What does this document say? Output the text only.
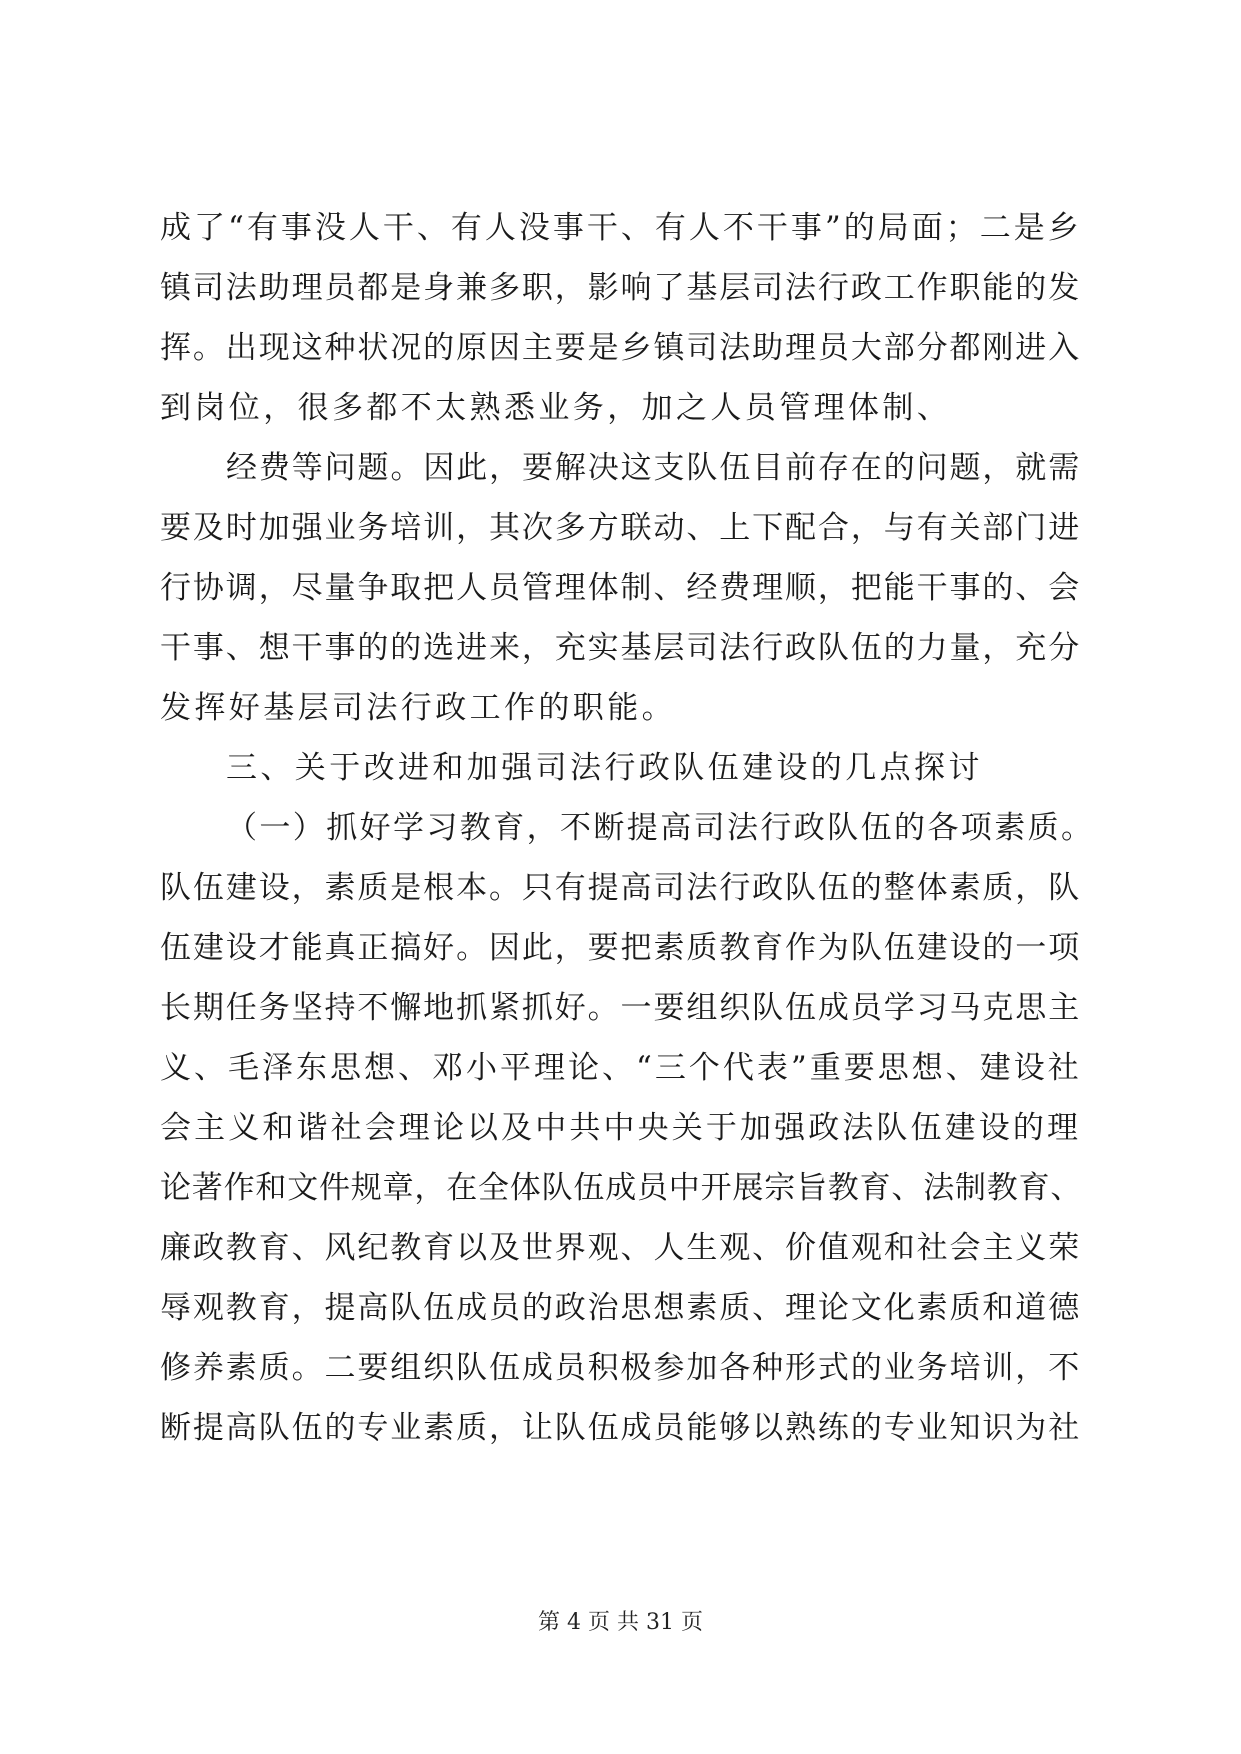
成了“有事没人干、有人没事干、有人不干事”的局面；二是乡
镇司法助理员都是身兼多职，影响了基层司法行政工作职能的发
挥。出现这种状况的原因主要是乡镇司法助理员大部分都刚进入
到岗位，很多都不太熟悉业务，加之人员管理体制、
经费等问题。因此，要解决这支队伍目前存在的问题，就需
要及时加强业务培训，其次多方联动、上下配合，与有关部门进
行协调，尽量争取把人员管理体制、经费理顺，把能干事的、会
干事、想干事的的选进来，充实基层司法行政队伍的力量，充分
发挥好基层司法行政工作的职能。
三、关于改进和加强司法行政队伍建设的几点探讨
（一）抓好学习教育，不断提高司法行政队伍的各项素质。
队伍建设，素质是根本。只有提高司法行政队伍的整体素质，队
伍建设才能真正搞好。因此，要把素质教育作为队伍建设的一项
长期任务坚持不懈地抓紧抓好。一要组织队伍成员学习马克思主
义、毛泽东思想、邓小平理论、“三个代表”重要思想、建设社
会主义和谐社会理论以及中共中央关于加强政法队伍建设的理
论著作和文件规章，在全体队伍成员中开展宗旨教育、法制教育、
廉政教育、风纪教育以及世界观、人生观、价值观和社会主义荣
辱观教育，提高队伍成员的政治思想素质、理论文化素质和道德
修养素质。二要组织队伍成员积极参加各种形式的业务培训，不
断提高队伍的专业素质，让队伍成员能够以熟练的专业知识为社
第 4 页 共 31 页
